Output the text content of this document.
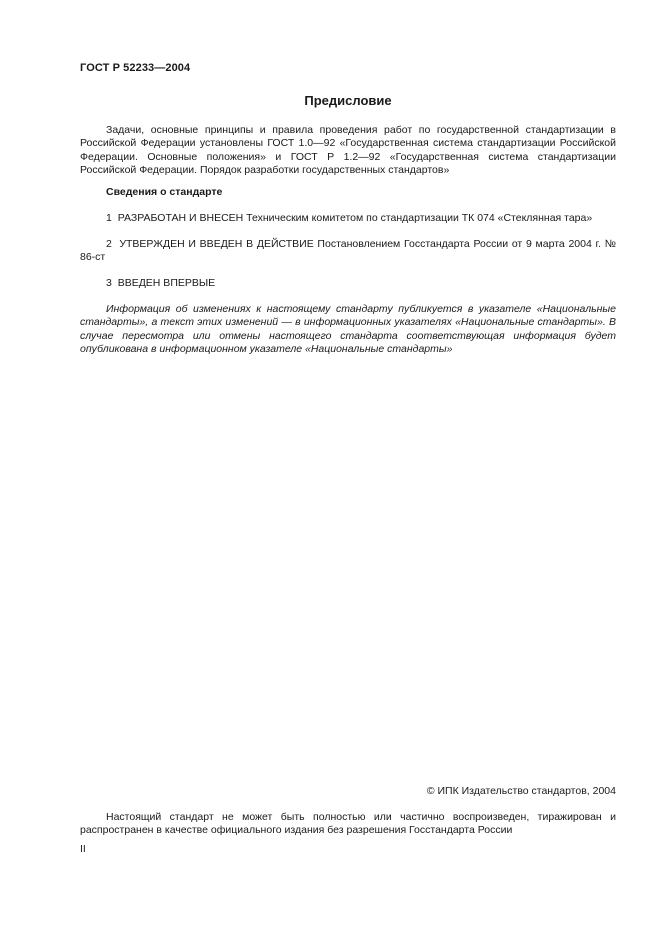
ГОСТ Р 52233—2004
Предисловие
Задачи, основные принципы и правила проведения работ по государственной стандартизации в Российской Федерации установлены ГОСТ 1.0—92 «Государственная система стандартизации Российской Федерации. Основные положения» и ГОСТ Р 1.2—92 «Государственная система стандартизации Российской Федерации. Порядок разработки государственных стандартов»
Сведения о стандарте
1 РАЗРАБОТАН И ВНЕСЕН Техническим комитетом по стандартизации ТК 074 «Стеклянная тара»
2 УТВЕРЖДЕН И ВВЕДЕН В ДЕЙСТВИЕ Постановлением Госстандарта России от 9 марта 2004 г. № 86-ст
3 ВВЕДЕН ВПЕРВЫЕ
Информация об изменениях к настоящему стандарту публикуется в указателе «Национальные стандарты», а текст этих изменений — в информационных указателях «Национальные стандарты». В случае пересмотра или отмены настоящего стандарта соответствующая информация будет опубликована в информационном указателе «Национальные стандарты»
© ИПК Издательство стандартов, 2004
Настоящий стандарт не может быть полностью или частично воспроизведен, тиражирован и распространен в качестве официального издания без разрешения Госстандарта России
II
